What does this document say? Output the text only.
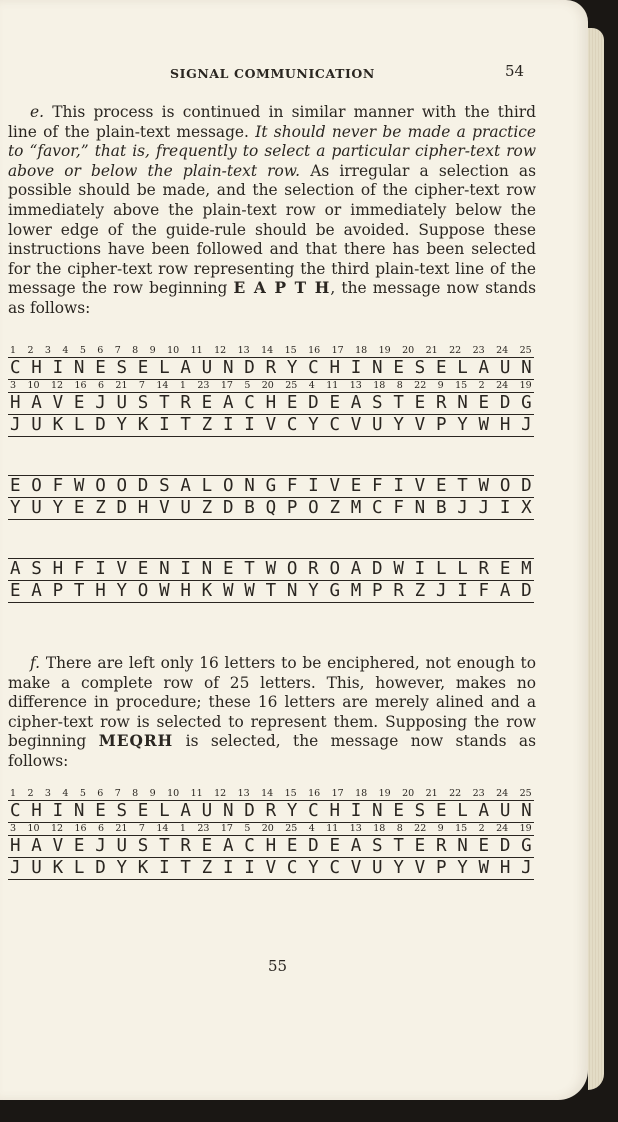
SIGNAL COMMUNICATION	54

e. This process is continued in similar manner with the third line of the plain-text message. It should never be made a practice to “favor,” that is, frequently to select a particular cipher-text row above or below the plain-text row. As irregular a selection as possible should be made, and the selection of the cipher-text row immediately above the plain-text row or immediately below the lower edge of the guide-rule should be avoided. Suppose these instructions have been followed and that there has been selected for the cipher-text row representing the third plain-text line of the message the row beginning E A P T H, the message now stands as follows:

1 2 3 4 5 6 7 8 9 10 11 12 13 14 15 16 17 18 19 20 21 22 23 24 25
C H I N E S E L A U N D R Y C H I N E S E L A U N
3 10 12 16 6 21 7 14 1 23 17 5 20 25 4 11 13 18 8 22 9 15 2 24 19
H A V E J U S T R E A C H E D E A S T E R N E D G
J U K L D Y K I T Z I I V C Y C V U Y V P Y W H J
E O F W O O D S A L O N G F I V E F I V E T W O D
Y U Y E Z D H V U Z D B Q P O Z M C F N B J J I X
A S H F I V E N I N E T W O R O A D W I L L R E M
E A P T H Y O W H K W W T N Y G M P R Z J I F A D

f. There are left only 16 letters to be enciphered, not enough to make a complete row of 25 letters. This, however, makes no difference in procedure; these 16 letters are merely alined and a cipher-text row is selected to represent them. Supposing the row beginning MEQRH is selected, the message now stands as follows:

1 2 3 4 5 6 7 8 9 10 11 12 13 14 15 16 17 18 19 20 21 22 23 24 25
C H I N E S E L A U N D R Y C H I N E S E L A U N
3 10 12 16 6 21 7 14 1 23 17 5 20 25 4 11 13 18 8 22 9 15 2 24 19
H A V E J U S T R E A C H E D E A S T E R N E D G
J U K L D Y K I T Z I I V C Y C V U Y V P Y W H J
55
